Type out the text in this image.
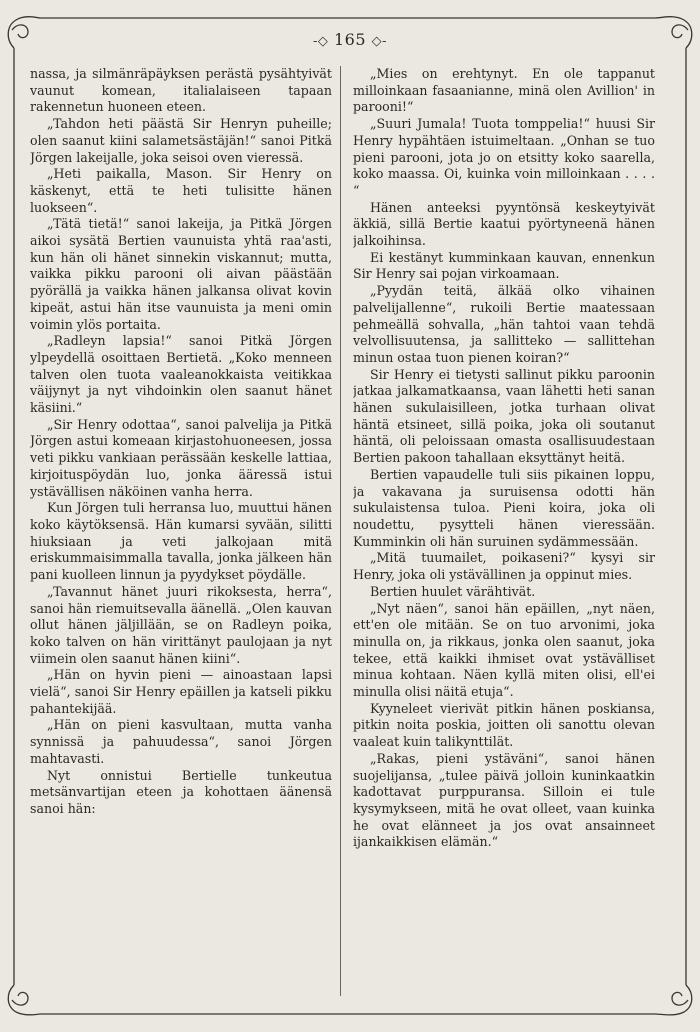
-◇ 165 ◇-

nassa, ja silmänräpäyksen perästä pysähtyivät vaunut komean, italialaiseen tapaan rakennetun huoneen eteen.

„Tahdon heti päästä Sir Henryn puheille; olen saanut kiini salametsästäjän!“ sanoi Pitkä Jörgen lakeijalle, joka seisoi oven vieressä.

„Heti paikalla, Mason. Sir Henry on käskenyt, että te heti tulisitte hänen luokseen“.

„Tätä tietä!“ sanoi lakeija, ja Pitkä Jörgen aikoi sysätä Bertien vaunuista yhtä raa'asti, kun hän oli hänet sinnekin viskannut; mutta, vaikka pikku parooni oli aivan päästään pyörällä ja vaikka hänen jalkansa olivat kovin kipeät, astui hän itse vaunuista ja meni omin voimin ylös portaita.

„Radleyn lapsia!“ sanoi Pitkä Jörgen ylpeydellä osoittaen Bertietä. „Koko menneen talven olen tuota vaaleanokkaista veitikkaa väijynyt ja nyt vihdoinkin olen saanut hänet käsiini.“

„Sir Henry odottaa“, sanoi palvelija ja Pitkä Jörgen astui komeaan kirjastohuoneesen, jossa veti pikku vankiaan perässään keskelle lattiaa, kirjoituspöydän luo, jonka ääressä istui ystävällisen näköinen vanha herra.

Kun Jörgen tuli herransa luo, muuttui hänen koko käytöksensä. Hän kumarsi syvään, silitti hiuksiaan ja veti jalkojaan mitä eriskummaisimmalla tavalla, jonka jälkeen hän pani kuolleen linnun ja pyydykset pöydälle.

„Tavannut hänet juuri rikoksesta, herra“, sanoi hän riemuitsevalla äänellä. „Olen kauvan ollut hänen jäljillään, se on Radleyn poika, koko talven on hän virittänyt paulojaan ja nyt viimein olen saanut hänen kiini“.

„Hän on hyvin pieni — ainoastaan lapsi vielä“, sanoi Sir Henry epäillen ja katseli pikku pahantekijää.

„Hän on pieni kasvultaan, mutta vanha synnissä ja pahuudessa“, sanoi Jörgen mahtavasti.

Nyt onnistui Bertielle tunkeutua metsänvartijan eteen ja kohottaen äänensä sanoi hän:

„Mies on erehtynyt. En ole tappanut milloinkaan fasaanianne, minä olen Avillion' in parooni!“

„Suuri Jumala! Tuota tomppelia!“ huusi Sir Henry hypähtäen istuimeltaan. „Onhan se tuo pieni parooni, jota jo on etsitty koko saarella, koko maassa. Oi, kuinka voin milloinkaan . . . . “

Hänen anteeksi pyyntönsä keskeytyivät äkkiä, sillä Bertie kaatui pyörtyneenä hänen jalkoihinsa.

Ei kestänyt kumminkaan kauvan, ennenkun Sir Henry sai pojan virkoamaan.

„Pyydän teitä, älkää olko vihainen palvelijallenne“, rukoili Bertie maatessaan pehmeällä sohvalla, „hän tahtoi vaan tehdä velvollisuutensa, ja sallitteko — sallittehan minun ostaa tuon pienen koiran?“

Sir Henry ei tietysti sallinut pikku paroonin jatkaa jalkamatkaansa, vaan lähetti heti sanan hänen sukulaisilleen, jotka turhaan olivat häntä etsineet, sillä poika, joka oli soutanut häntä, oli peloissaan omasta osallisuudestaan Bertien pakoon tahallaan eksyttänyt heitä.

Bertien vapaudelle tuli siis pikainen loppu, ja vakavana ja suruisensa odotti hän sukulaistensa tuloa. Pieni koira, joka oli noudettu, pysytteli hänen vieressään. Kumminkin oli hän suruinen sydämmessään.

„Mitä tuumailet, poikaseni?“ kysyi sir Henry, joka oli ystävällinen ja oppinut mies.

Bertien huulet värähtivät.

„Nyt näen“, sanoi hän epäillen, „nyt näen, ett'en ole mitään. Se on tuo arvonimi, joka minulla on, ja rikkaus, jonka olen saanut, joka tekee, että kaikki ihmiset ovat ystävälliset minua kohtaan. Näen kyllä miten olisi, ell'ei minulla olisi näitä etuja“.

Kyyneleet vierivät pitkin hänen poskiansa, pitkin noita poskia, joitten oli sanottu olevan vaaleat kuin talikynttilät.

„Rakas, pieni ystäväni“, sanoi hänen suojelijansa, „tulee päivä jolloin kuninkaatkin kadottavat purppuransa. Silloin ei tule kysymykseen, mitä he ovat olleet, vaan kuinka he ovat elänneet ja jos ovat ansainneet ijankaikkisen elämän.“
